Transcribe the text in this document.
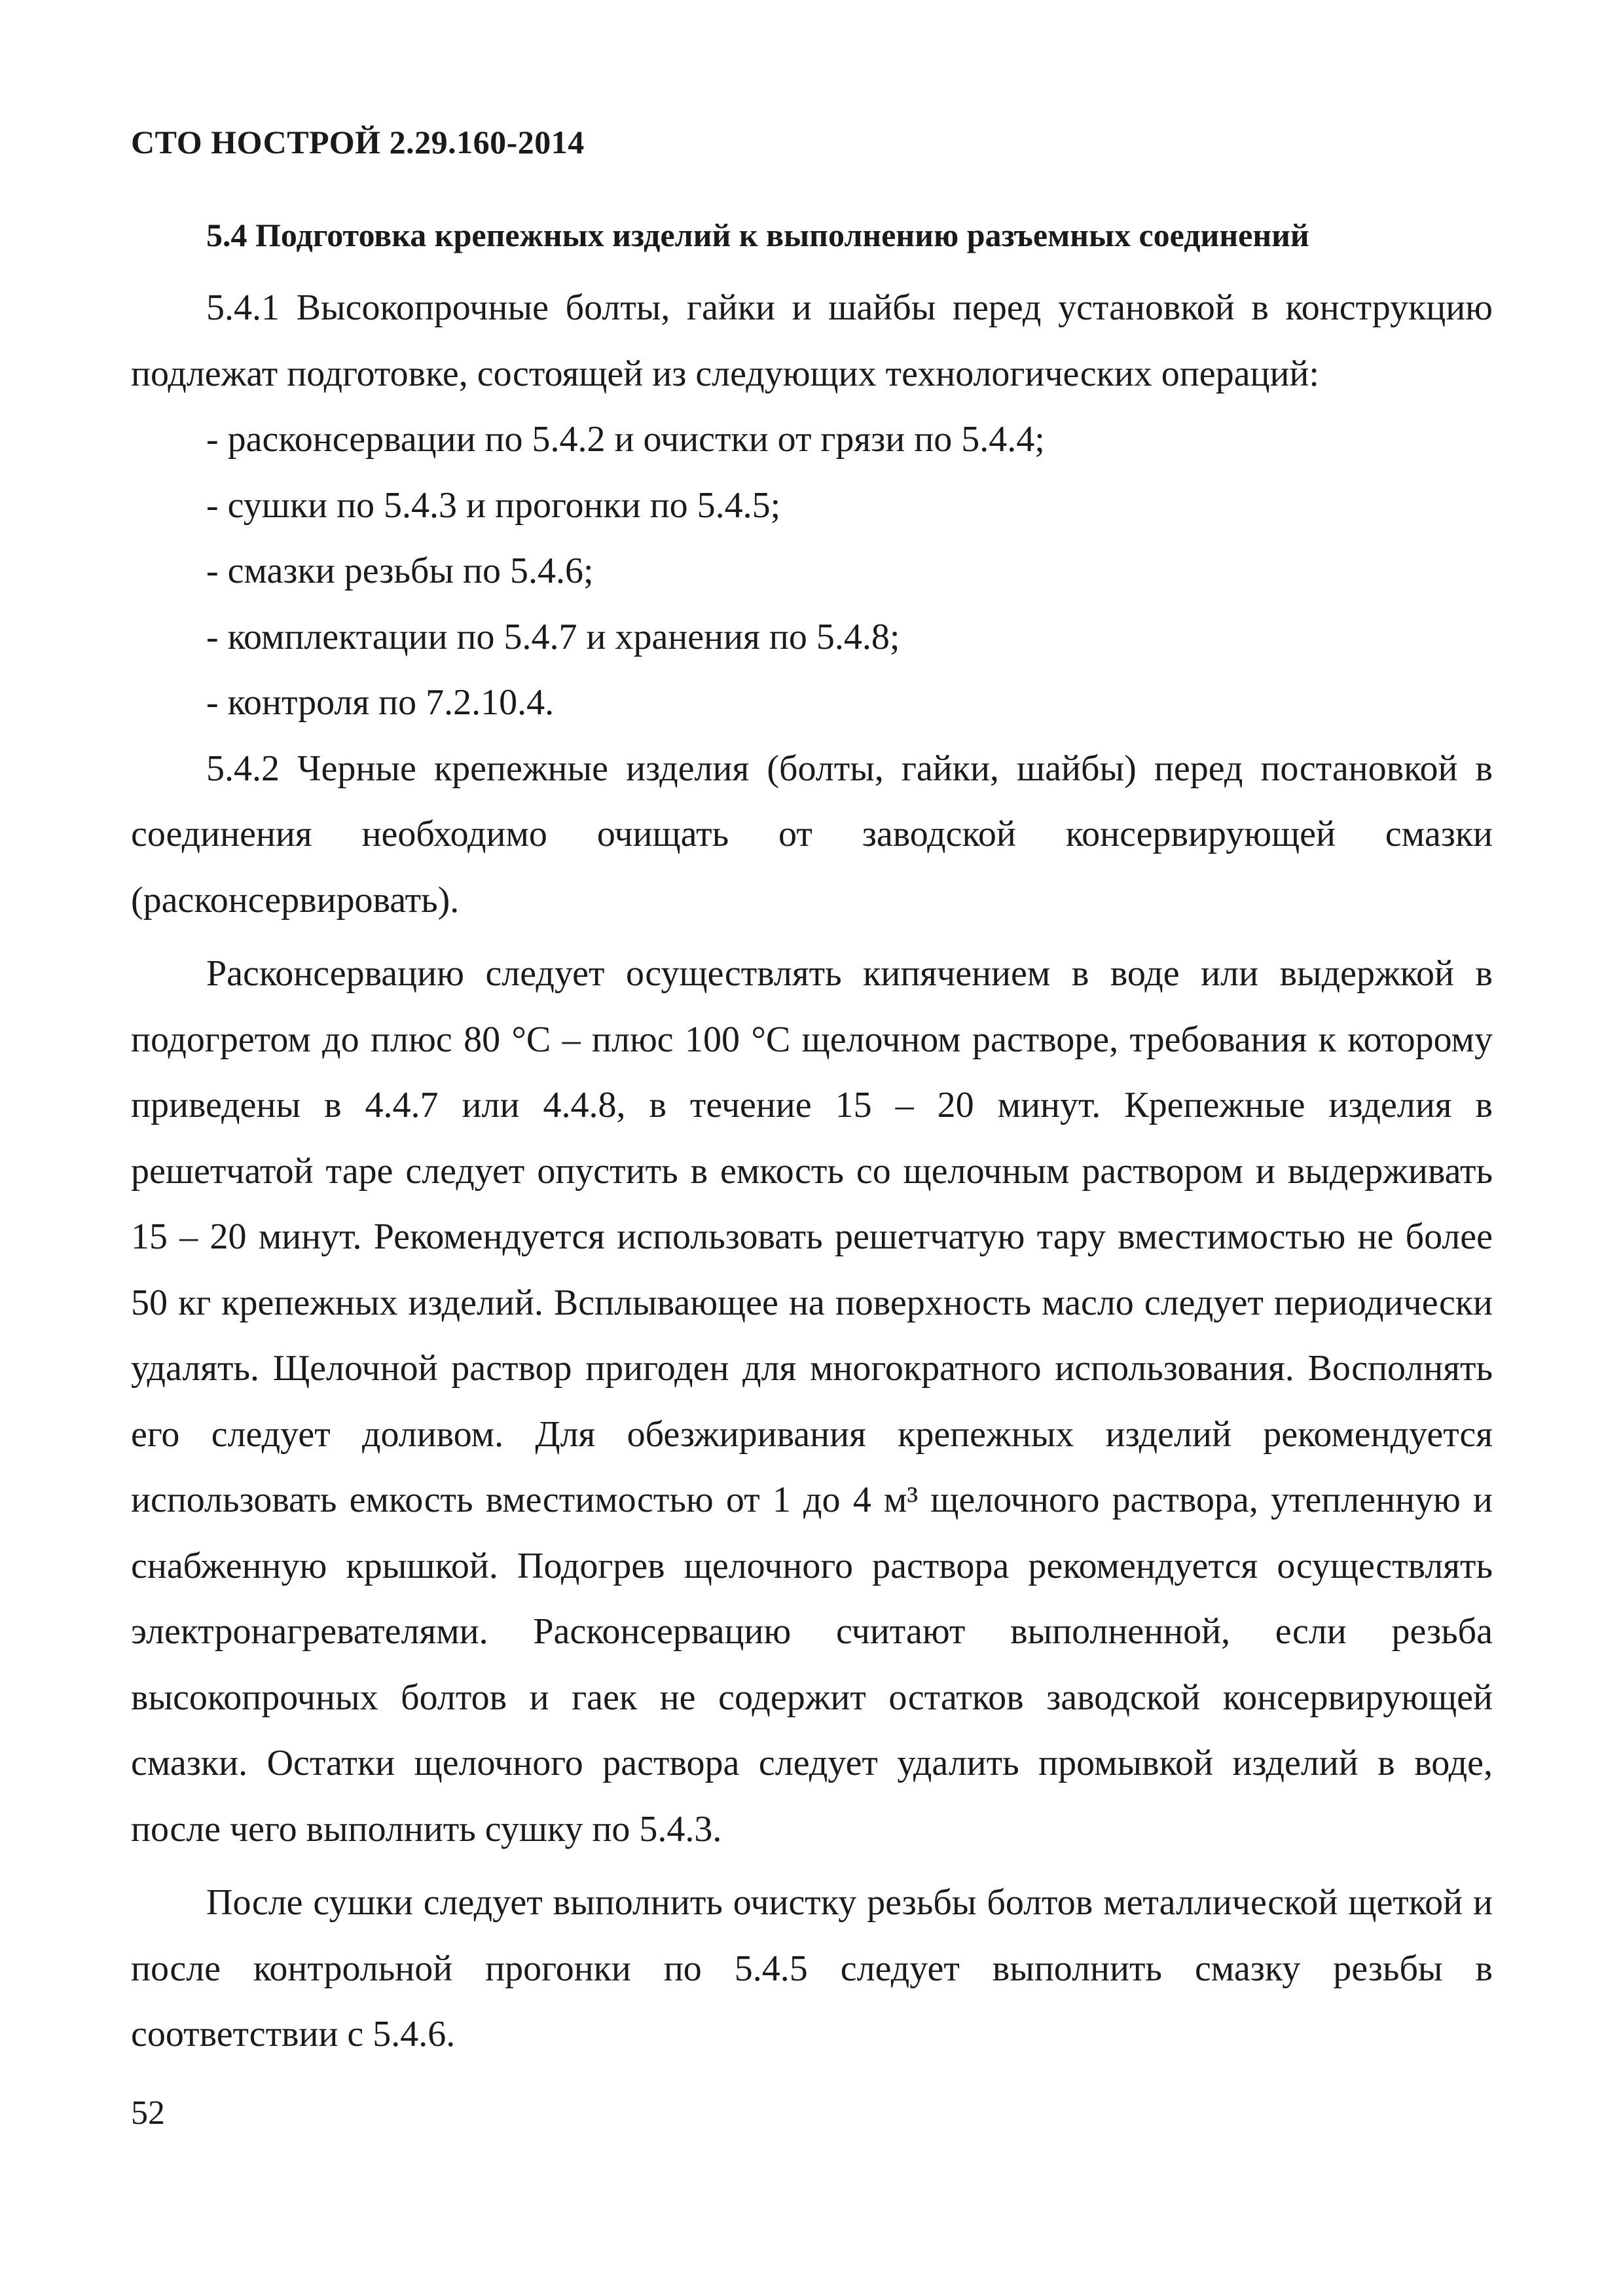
СТО НОСТРОЙ 2.29.160-2014
5.4 Подготовка крепежных изделий к выполнению разъемных соединений

5.4.1 Высокопрочные болты, гайки и шайбы перед установкой в конструкцию подлежат подготовке, состоящей из следующих технологических операций:

- расконсервации по 5.4.2 и очистки от грязи по 5.4.4;

- сушки по 5.4.3 и прогонки по 5.4.5;

- смазки резьбы по 5.4.6;

- комплектации по 5.4.7 и хранения по 5.4.8;

- контроля по 7.2.10.4.

5.4.2 Черные крепежные изделия (болты, гайки, шайбы) перед постановкой в соединения необходимо очищать от заводской консервирующей смазки (расконсервировать).

Расконсервацию следует осуществлять кипячением в воде или выдержкой в подогретом до плюс 80 °С – плюс 100 °С щелочном растворе, требования к которому приведены в 4.4.7 или 4.4.8, в течение 15 – 20 минут. Крепежные изделия в решетчатой таре следует опустить в емкость со щелочным раствором и выдерживать 15 – 20 минут. Рекомендуется использовать решетчатую тару вместимостью не более 50 кг крепежных изделий. Всплывающее на поверхность масло следует периодически удалять. Щелочной раствор пригоден для многократного использования. Восполнять его следует доливом. Для обезжиривания крепежных изделий рекомендуется использовать емкость вместимостью от 1 до 4 м³ щелочного раствора, утепленную и снабженную крышкой. Подогрев щелочного раствора рекомендуется осуществлять электронагревателями. Расконсервацию считают выполненной, если резьба высокопрочных болтов и гаек не содержит остатков заводской консервирующей смазки. Остатки щелочного раствора следует удалить промывкой изделий в воде, после чего выполнить сушку по 5.4.3.

После сушки следует выполнить очистку резьбы болтов металлической щеткой и после контрольной прогонки по 5.4.5 следует выполнить смазку резьбы в соответствии с 5.4.6.

52
